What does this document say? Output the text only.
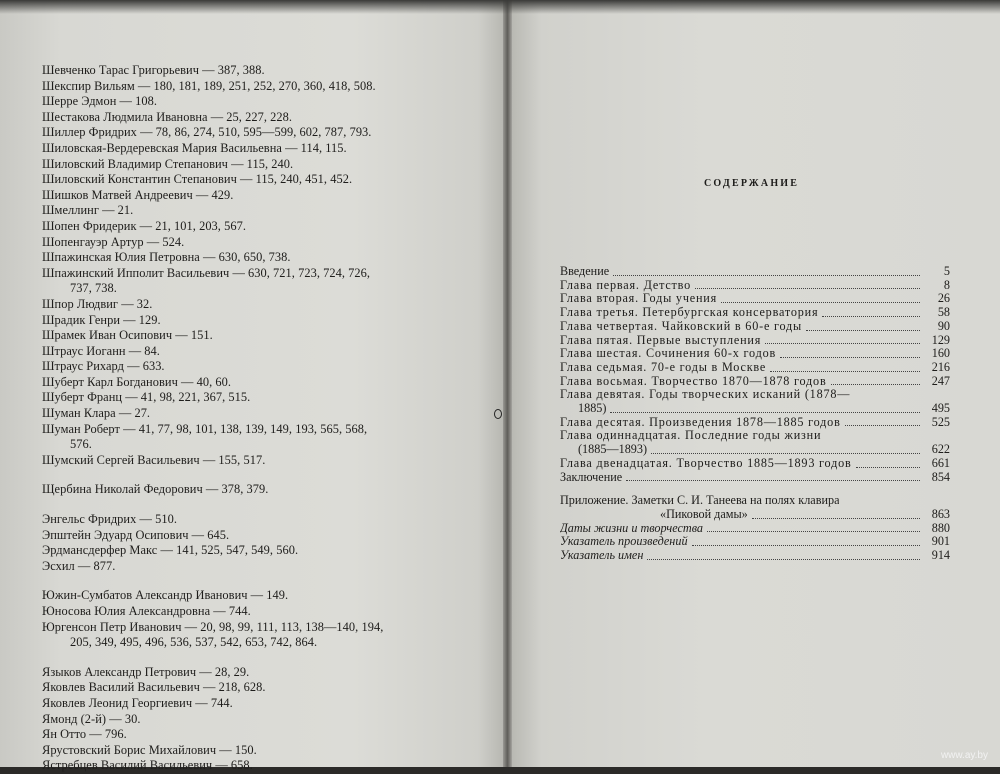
Шевченко Тарас Григорьевич — 387, 388.
Шекспир Вильям — 180, 181, 189, 251, 252, 270, 360, 418, 508.
Шерре Эдмон — 108.
Шестакова Людмила Ивановна — 25, 227, 228.
Шиллер Фридрих — 78, 86, 274, 510, 595—599, 602, 787, 793.
Шиловская-Вердеревская Мария Васильевна — 114, 115.
Шиловский Владимир Степанович — 115, 240.
Шиловский Константин Степанович — 115, 240, 451, 452.
Шишков Матвей Андреевич — 429.
Шмеллинг — 21.
Шопен Фридерик — 21, 101, 203, 567.
Шопенгауэр Артур — 524.
Шпажинская Юлия Петровна — 630, 650, 738.
Шпажинский Ипполит Васильевич — 630, 721, 723, 724, 726,
737, 738.
Шпор Людвиг — 32.
Шрадик Генри — 129.
Шрамек Иван Осипович — 151.
Штраус Иоганн — 84.
Штраус Рихард — 633.
Шуберт Карл Богданович — 40, 60.
Шуберт Франц — 41, 98, 221, 367, 515.
Шуман Клара — 27.
Шуман Роберт — 41, 77, 98, 101, 138, 139, 149, 193, 565, 568,
576.
Шумский Сергей Васильевич — 155, 517.
Щербина Николай Федорович — 378, 379.
Энгельс Фридрих — 510.
Эпштейн Эдуард Осипович — 645.
Эрдмансдерфер Макс — 141, 525, 547, 549, 560.
Эсхил — 877.
Южин-Сумбатов Александр Иванович — 149.
Юносова Юлия Александровна — 744.
Юргенсон Петр Иванович — 20, 98, 99, 111, 113, 138—140, 194,
205, 349, 495, 496, 536, 537, 542, 653, 742, 864.
Языков Александр Петрович — 28, 29.
Яковлев Василий Васильевич — 218, 628.
Яковлев Леонид Георгиевич — 744.
Ямонд (2-й) — 30.
Ян Отто — 796.
Ярустовский Борис Михайлович — 150.
Ястребцев Василий Васильевич — 658.
СОДЕРЖАНИЕ
Введение	5
Глава первая. Детство	8
Глава вторая. Годы учения	26
Глава третья. Петербургская консерватория	58
Глава четвертая. Чайковский в 60-е годы	90
Глава пятая. Первые выступления	129
Глава шестая. Сочинения 60-х годов	160
Глава седьмая. 70-е годы в Москве	216
Глава восьмая. Творчество 1870—1878 годов	247
Глава девятая. Годы творческих исканий (1878—
1885)	495
Глава десятая. Произведения 1878—1885 годов	525
Глава одиннадцатая. Последние годы жизни
(1885—1893)	622
Глава двенадцатая. Творчество 1885—1893 годов	661
Заключение	854
Приложение. Заметки С. И. Танеева на полях клавира
«Пиковой дамы»	863
Даты жизни и творчества	880
Указатель произведений	901
Указатель имен	914
www.ay.by
